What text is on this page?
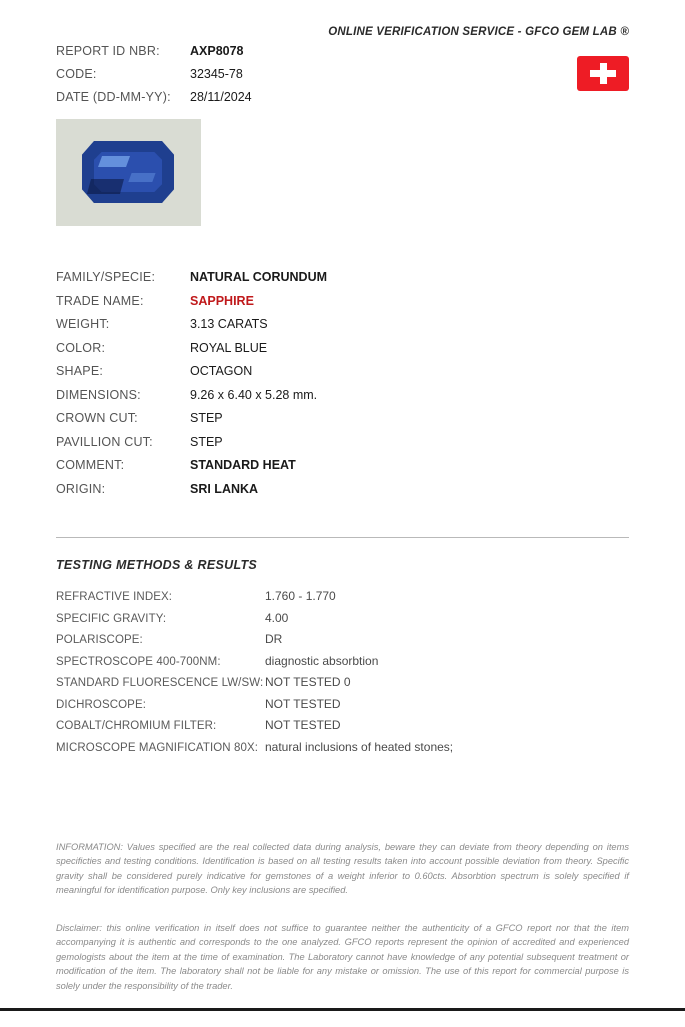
ONLINE VERIFICATION SERVICE - GFCO GEM LAB ®
REPORT ID NBR:	AXP8078
CODE:	32345-78
DATE (DD-MM-YY):	28/11/2024
FAMILY/SPECIE:	NATURAL CORUNDUM
TRADE NAME:	SAPPHIRE
WEIGHT:	3.13 CARATS
COLOR:	ROYAL BLUE
SHAPE:	OCTAGON
DIMENSIONS:	9.26 x 6.40 x 5.28 mm.
CROWN CUT:	STEP
PAVILLION CUT:	STEP
COMMENT:	STANDARD HEAT
ORIGIN:	SRI LANKA
TESTING METHODS & RESULTS
REFRACTIVE INDEX:	1.760 - 1.770
SPECIFIC GRAVITY:	4.00
POLARISCOPE:	DR
SPECTROSCOPE 400-700NM:	diagnostic absorbtion
STANDARD FLUORESCENCE LW/SW: NOT TESTED 0
DICHROSCOPE:	NOT TESTED
COBALT/CHROMIUM FILTER:	NOT TESTED
MICROSCOPE MAGNIFICATION 80X: natural inclusions of heated stones;
INFORMATION: Values specified are the real collected data during analysis, beware they can deviate from theory depending on items specificties and testing conditions. Identification is based on all testing results taken into account possible deviation from theory. Specific gravity shall be considered purely indicative for gemstones of a weight inferior to 0.60cts. Absorbtion spectrum is solely specified if meaningful for identification purpose. Only key inclusions are specified.
Disclaimer: this online verification in itself does not suffice to guarantee neither the authenticity of a GFCO report nor that the item accompanying it is authentic and corresponds to the one analyzed. GFCO reports represent the opinion of accredited and experienced gemologists about the item at the time of examination. The Laboratory cannot have knowledge of any potential subsequent treatment or modification of the item. The laboratory shall not be liable for any mistake or omission. The use of this report for commercial purpose is solely under the responsibility of the trader.
